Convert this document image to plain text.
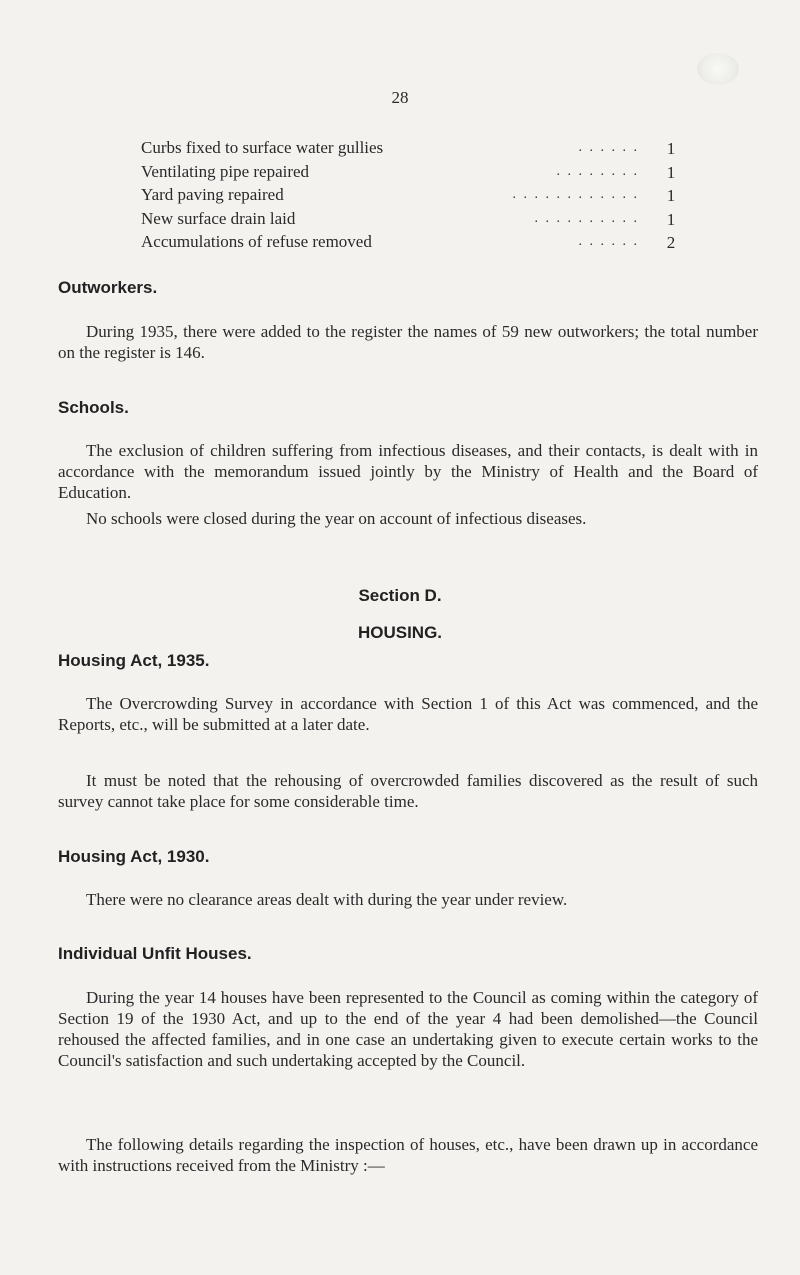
28
Curbs fixed to surface water gullies	. . . . . .	1
Ventilating pipe repaired	. . . . . . . .	1
Yard paving repaired	. . . . . . . . . . . .	1
New surface drain laid	. . . . . . . . . .	1
Accumulations of refuse removed	. . . . . .	2
Outworkers.

During 1935, there were added to the register the names of 59 new outworkers; the total number on the register is 146.

Schools.

The exclusion of children suffering from infectious diseases, and their contacts, is dealt with in accordance with the memorandum issued jointly by the Ministry of Health and the Board of Education.

No schools were closed during the year on account of infectious diseases.

Section D.
HOUSING.
Housing Act, 1935.

The Overcrowding Survey in accordance with Section 1 of this Act was commenced, and the Reports, etc., will be submitted at a later date.

It must be noted that the rehousing of overcrowded families discovered as the result of such survey cannot take place for some considerable time.

Housing Act, 1930.

There were no clearance areas dealt with during the year under review.

Individual Unfit Houses.

During the year 14 houses have been represented to the Council as coming within the category of Section 19 of the 1930 Act, and up to the end of the year 4 had been demolished—the Council rehoused the affected families, and in one case an undertaking given to execute certain works to the Council's satisfaction and such undertaking accepted by the Council.

The following details regarding the inspection of houses, etc., have been drawn up in accordance with instructions received from the Ministry :—
